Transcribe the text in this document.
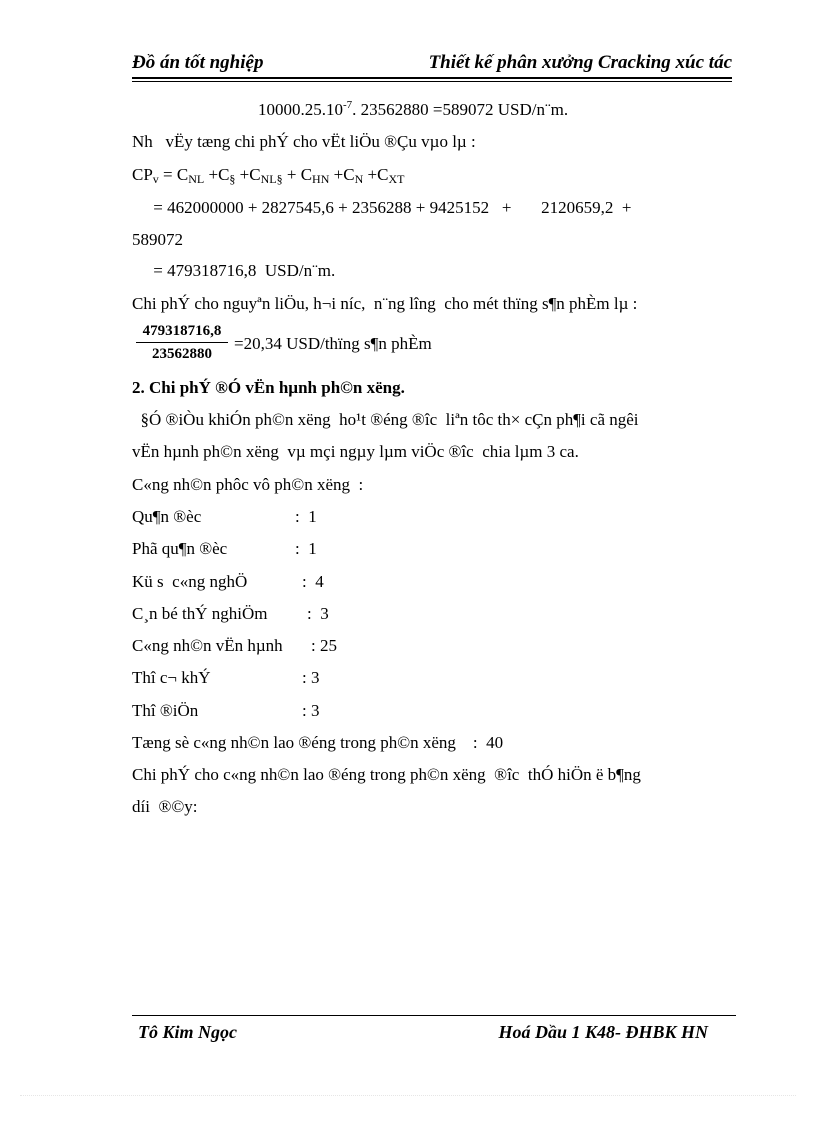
Đồ án tốt nghiệp	Thiết kế phân xưởng Cracking xúc tác
$10000.25.10^{-7}$. 23562880 =589072 USD/n¨m.
Nh   vËy tæng chi phÝ cho vËt liÖu ®Çu vµo lµ :
$CP_v = C_{NL} +C_\S +C_{NL\S} + C_{HN} +C_N +C_{XT}$
= 462000000 + 2827545,6 + 2356288 + 9425152   +       2120659,2  +
589072
= 479318716,8  USD/n¨m.
Chi phÝ cho nguyªn liÖu, h¬i níc,  n¨ng lîng  cho mét thïng s¶n phÈm lµ :
$\frac{479318716,8}{23562880} =20,34$ USD/thïng s¶n phÈm
2. Chi phÝ ®Ó vËn hµnh ph©n xëng.
§Ó ®iÒu khiÓn ph©n xëng  ho¹t ®éng ®îc  liªn tôc th× cÇn ph¶i cã ngêi
vËn hµnh ph©n xëng  vµ mçi ngµy lµm viÖc ®îc  chia lµm 3 ca.
C«ng nh©n phôc vô ph©n xëng  :
Qu¶n ®èc	:  1
Phã qu¶n ®èc	:  1
Kü s  c«ng nghÖ	:  4
C¸n bé thÝ nghiÖm :  3
C«ng nh©n vËn hµnh : 25
Thî c¬ khÝ	: 3
Thî ®iÖn	: 3
Tæng sè c«ng nh©n lao ®éng trong ph©n xëng    :  40
Chi phÝ cho c«ng nh©n lao ®éng trong ph©n xëng  ®îc  thÓ hiÖn ë b¶ng
díi  ®©y:
Tô Kim Ngọc	Hoá Dầu 1 K48- ĐHBK HN
